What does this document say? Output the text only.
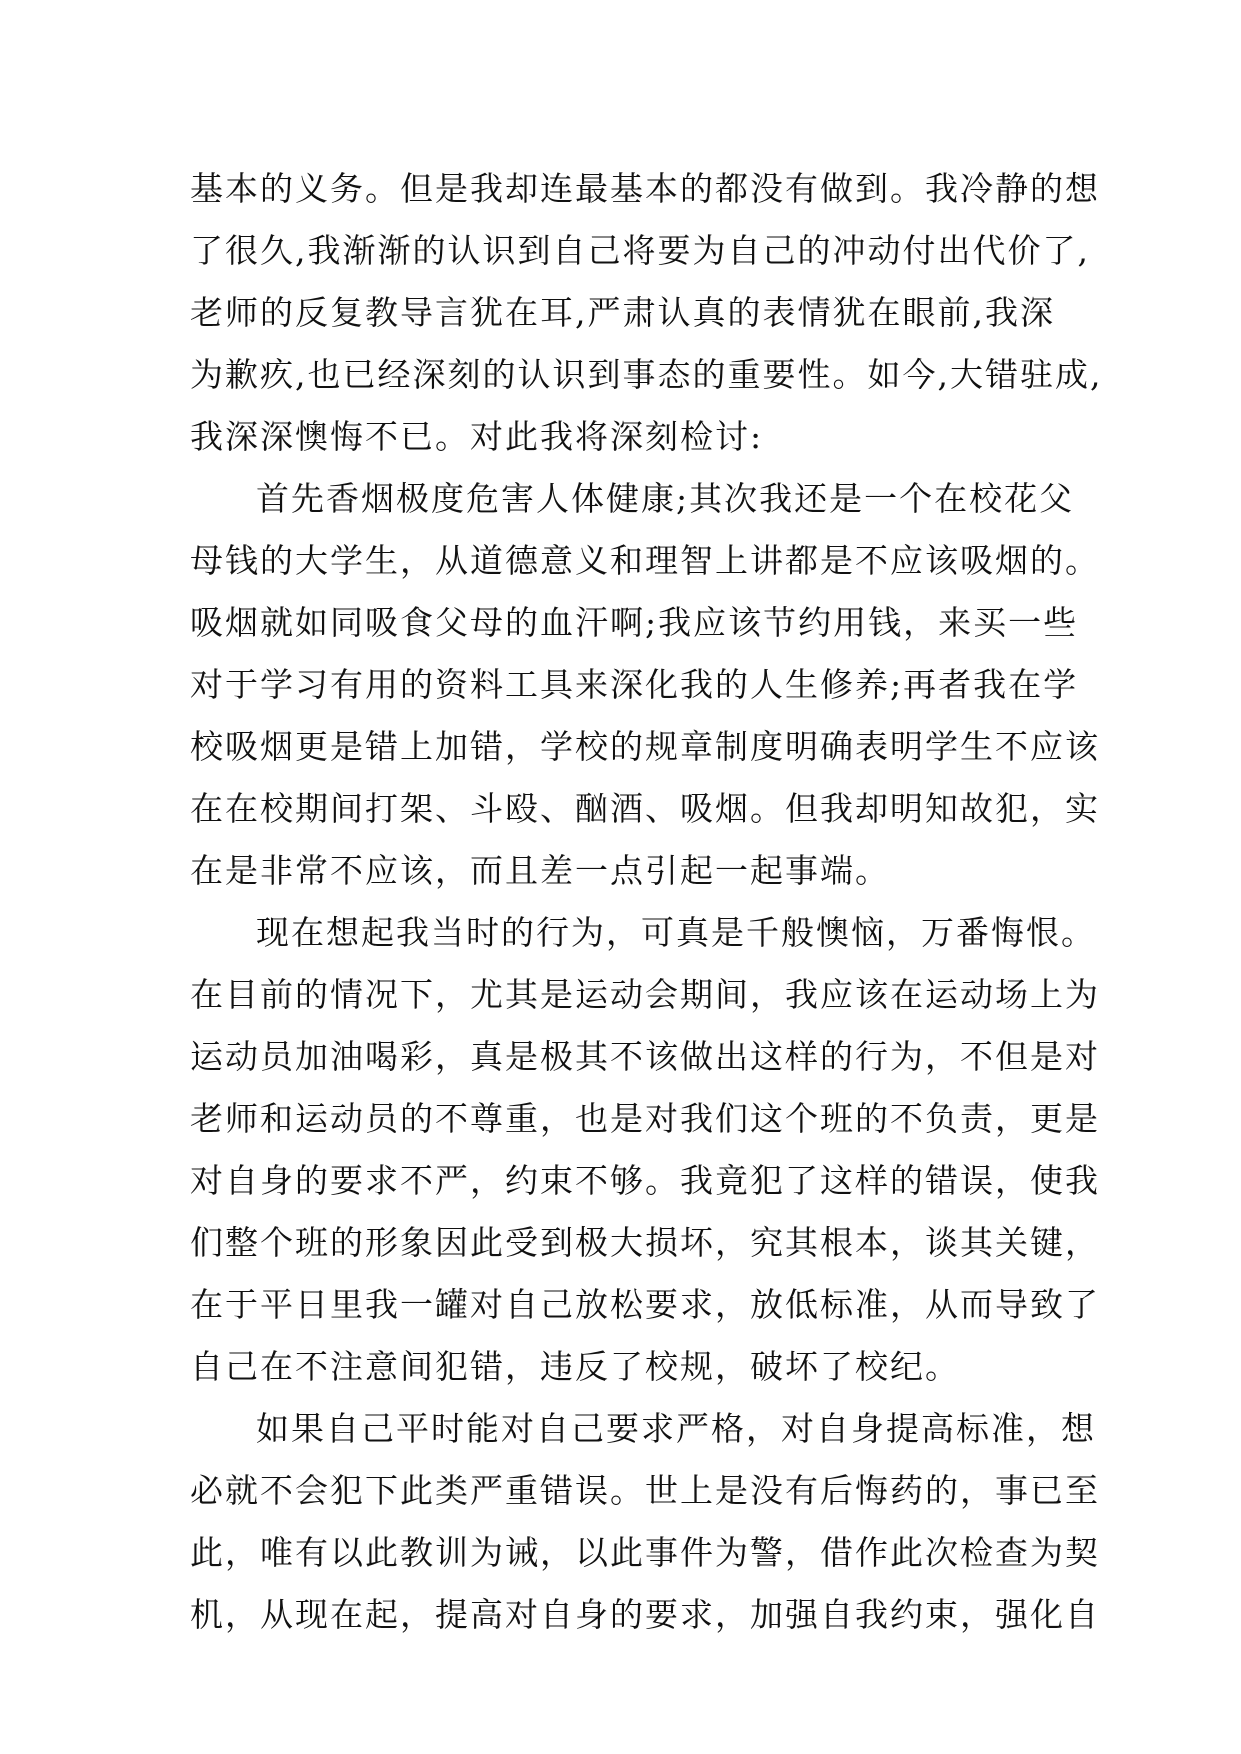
基本的义务。但是我却连最基本的都没有做到。我冷静的想
了很久,我渐渐的认识到自己将要为自己的冲动付出代价了,
老师的反复教导言犹在耳,严肃认真的表情犹在眼前,我深
为歉疚,也已经深刻的认识到事态的重要性。如今,大错驻成,
我深深懊悔不已。对此我将深刻检讨:
首先香烟极度危害人体健康;其次我还是一个在校花父
母钱的大学生，从道德意义和理智上讲都是不应该吸烟的。
吸烟就如同吸食父母的血汗啊;我应该节约用钱，来买一些
对于学习有用的资料工具来深化我的人生修养;再者我在学
校吸烟更是错上加错，学校的规章制度明确表明学生不应该
在在校期间打架、斗殴、酗酒、吸烟。但我却明知故犯，实
在是非常不应该，而且差一点引起一起事端。
现在想起我当时的行为，可真是千般懊恼，万番悔恨。
在目前的情况下，尤其是运动会期间，我应该在运动场上为
运动员加油喝彩，真是极其不该做出这样的行为，不但是对
老师和运动员的不尊重，也是对我们这个班的不负责，更是
对自身的要求不严，约束不够。我竟犯了这样的错误，使我
们整个班的形象因此受到极大损坏，究其根本，谈其关键，
在于平日里我一罐对自己放松要求，放低标准，从而导致了
自己在不注意间犯错，违反了校规，破坏了校纪。
如果自己平时能对自己要求严格，对自身提高标准，想
必就不会犯下此类严重错误。世上是没有后悔药的，事已至
此，唯有以此教训为诫，以此事件为警，借作此次检查为契
机，从现在起，提高对自身的要求，加强自我约束，强化自
